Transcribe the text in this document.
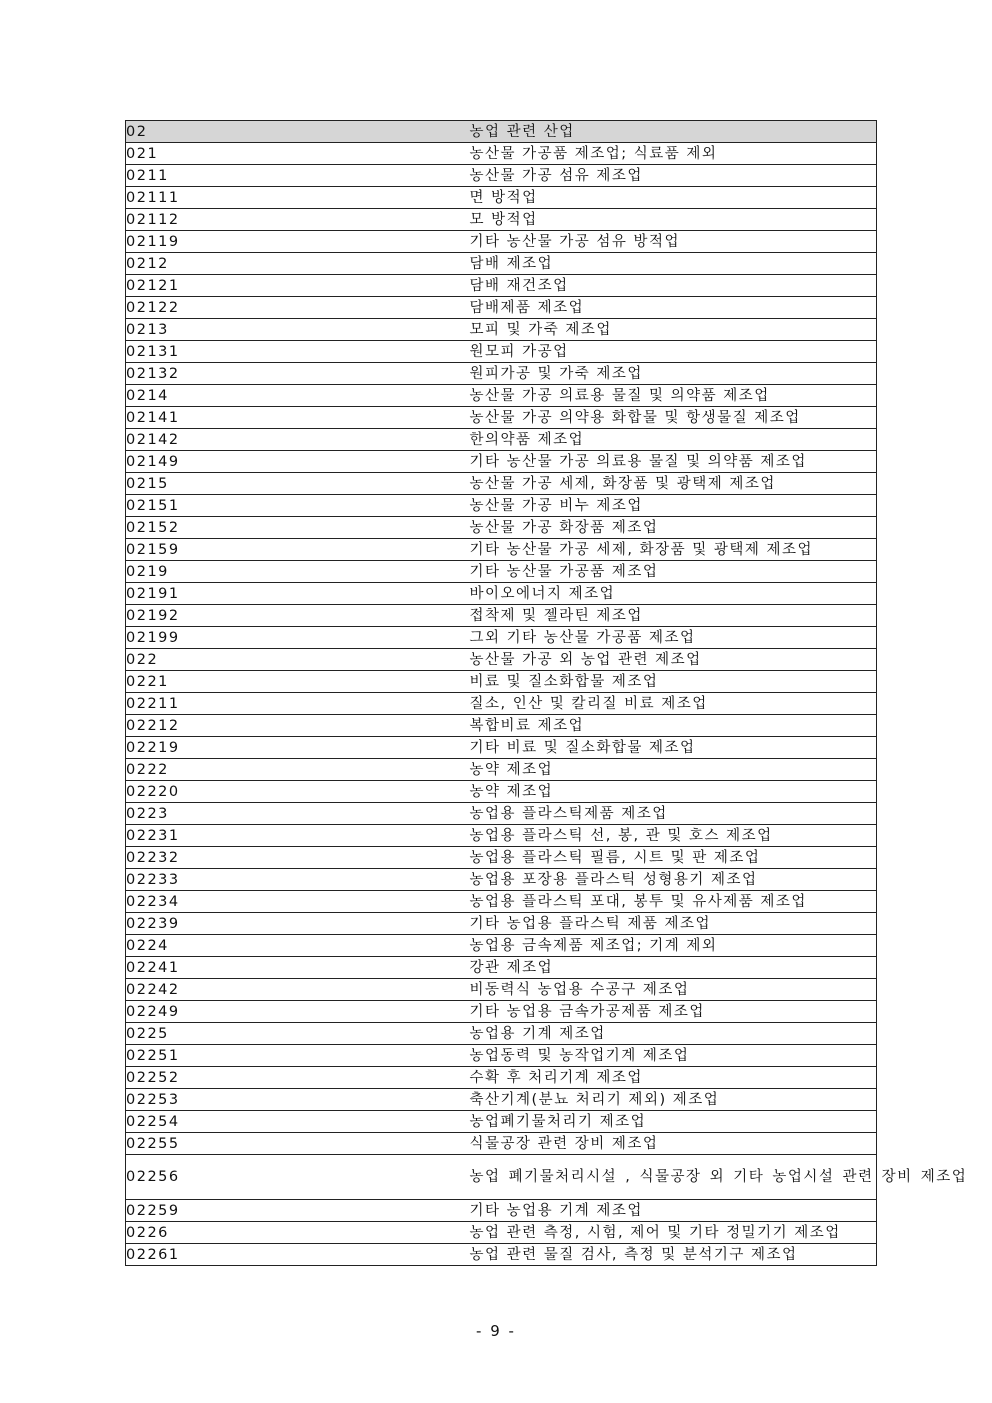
02	농업 관련 산업
021	농산물 가공품 제조업; 식료품 제외
0211	농산물 가공 섬유 제조업
02111	면 방적업
02112	모 방적업
02119	기타 농산물 가공 섬유 방적업
0212	담배 제조업
02121	담배 재건조업
02122	담배제품 제조업
0213	모피 및 가죽 제조업
02131	원모피 가공업
02132	원피가공 및 가죽 제조업
0214	농산물 가공 의료용 물질 및 의약품 제조업
02141	농산물 가공 의약용 화합물 및 항생물질 제조업
02142	한의약품 제조업
02149	기타 농산물 가공 의료용 물질 및 의약품 제조업
0215	농산물 가공 세제, 화장품 및 광택제 제조업
02151	농산물 가공 비누 제조업
02152	농산물 가공 화장품 제조업
02159	기타 농산물 가공 세제, 화장품 및 광택제 제조업
0219	기타 농산물 가공품 제조업
02191	바이오에너지 제조업
02192	접착제 및 젤라틴 제조업
02199	그외 기타 농산물 가공품 제조업
022	농산물 가공 외 농업 관련 제조업
0221	비료 및 질소화합물 제조업
02211	질소, 인산 및 칼리질 비료 제조업
02212	복합비료 제조업
02219	기타 비료 및 질소화합물 제조업
0222	농약 제조업
02220	농약 제조업
0223	농업용 플라스틱제품 제조업
02231	농업용 플라스틱 선, 봉, 관 및 호스 제조업
02232	농업용 플라스틱 필름, 시트 및 판 제조업
02233	농업용 포장용 플라스틱 성형용기 제조업
02234	농업용 플라스틱 포대, 봉투 및 유사제품 제조업
02239	기타 농업용 플라스틱 제품 제조업
0224	농업용 금속제품 제조업; 기계 제외
02241	강관 제조업
02242	비동력식 농업용 수공구 제조업
02249	기타 농업용 금속가공제품 제조업
0225	농업용 기계 제조업
02251	농업동력 및 농작업기계 제조업
02252	수확 후 처리기계 제조업
02253	축산기계(분뇨 처리기 제외) 제조업
02254	농업폐기물처리기 제조업
02255	식물공장 관련 장비 제조업
02256	농업 폐기물처리시설 , 식물공장 외 기타 농업시설 관련 장비 제조업
02259	기타 농업용 기계 제조업
0226	농업 관련 측정, 시험, 제어 및 기타 정밀기기 제조업
02261	농업 관련 물질 검사, 측정 및 분석기구 제조업
- 9 -
